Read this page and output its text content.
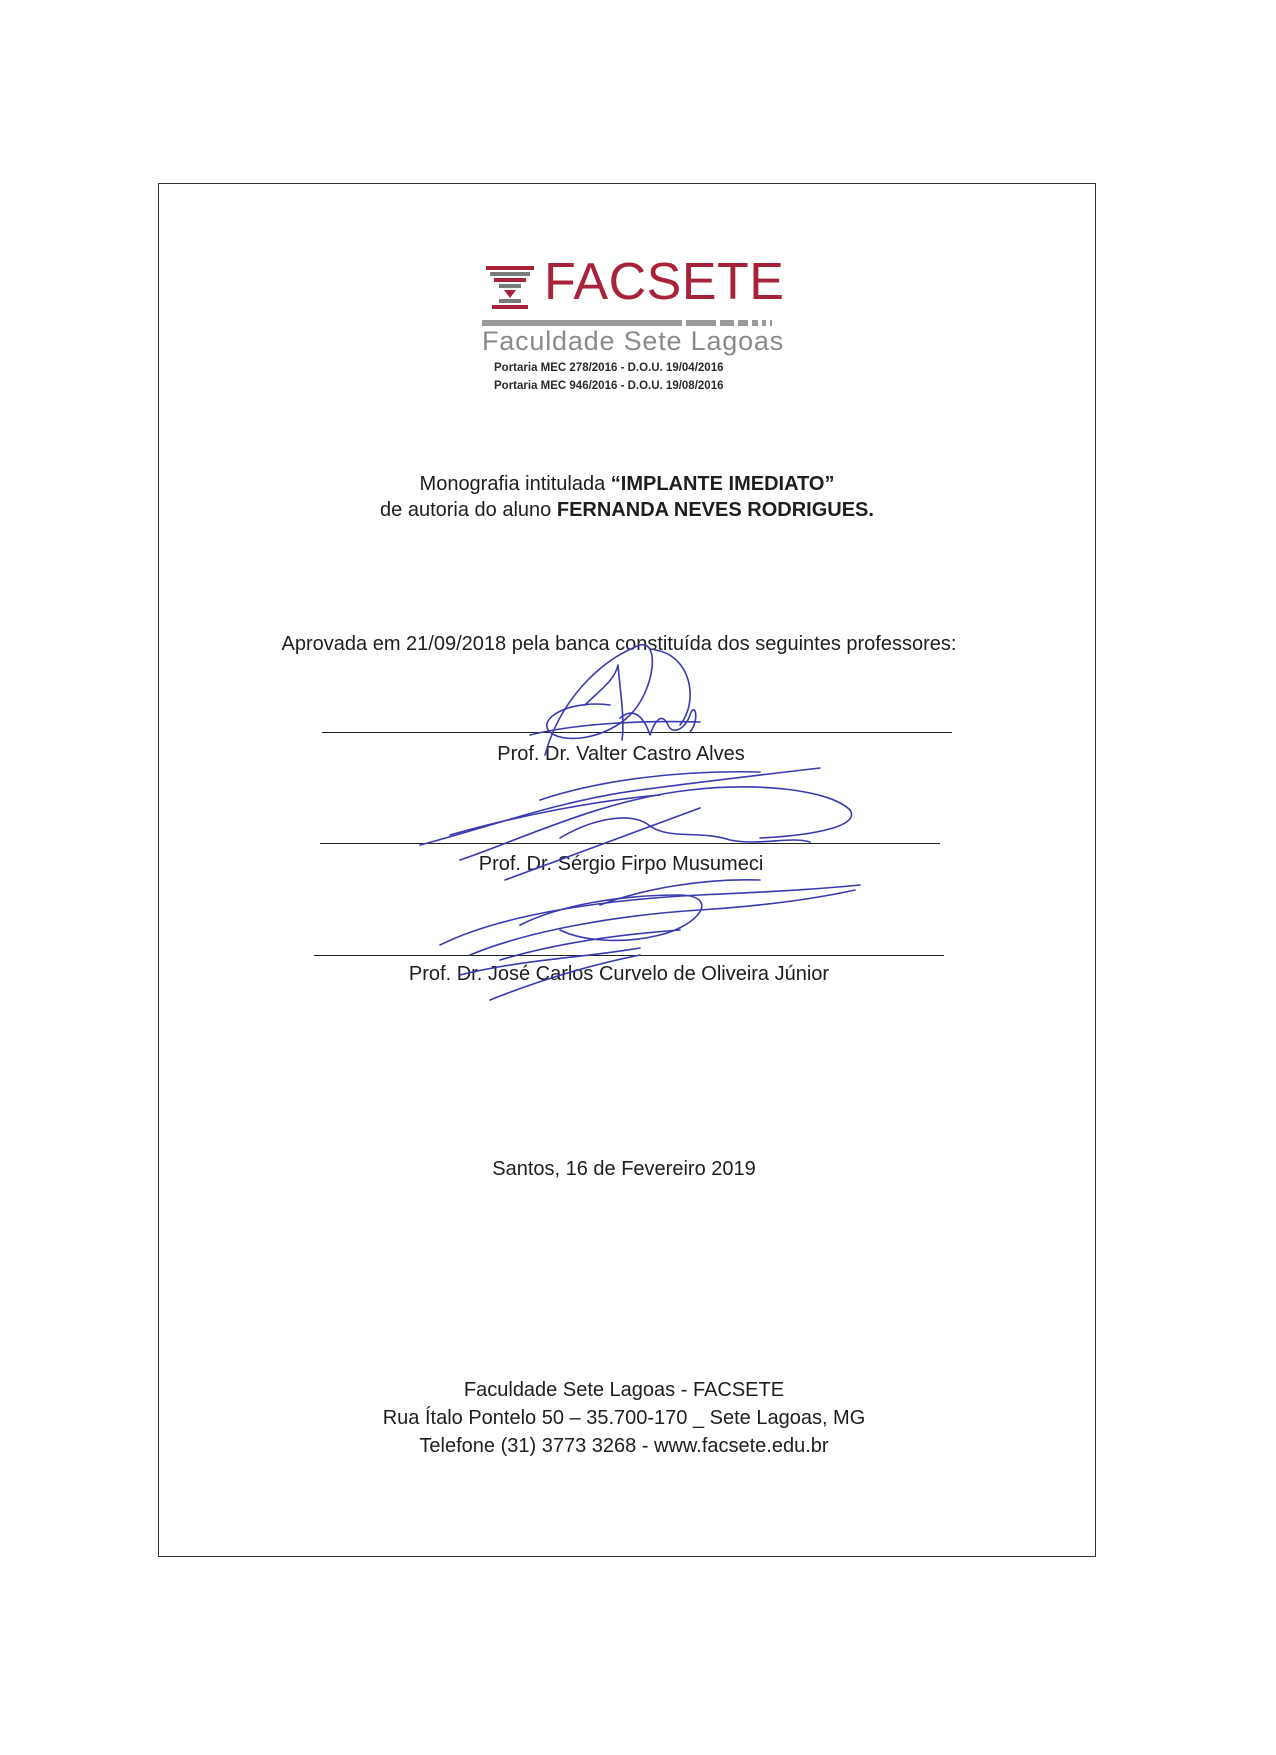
FACSETE
Faculdade Sete Lagoas
Portaria MEC 278/2016 - D.O.U. 19/04/2016
Portaria MEC 946/2016 - D.O.U. 19/08/2016
Monografia intitulada “IMPLANTE IMEDIATO”
de autoria do aluno FERNANDA NEVES RODRIGUES.
Aprovada em 21/09/2018 pela banca constituída dos seguintes professores:
Prof. Dr. Valter Castro Alves
Prof. Dr. Sérgio Firpo Musumeci
Prof. Dr. José Carlos Curvelo de Oliveira Júnior
Santos, 16 de Fevereiro 2019
Faculdade Sete Lagoas - FACSETE
Rua Ítalo Pontelo 50 – 35.700-170 _ Sete Lagoas, MG
Telefone (31) 3773 3268 - www.facsete.edu.br
